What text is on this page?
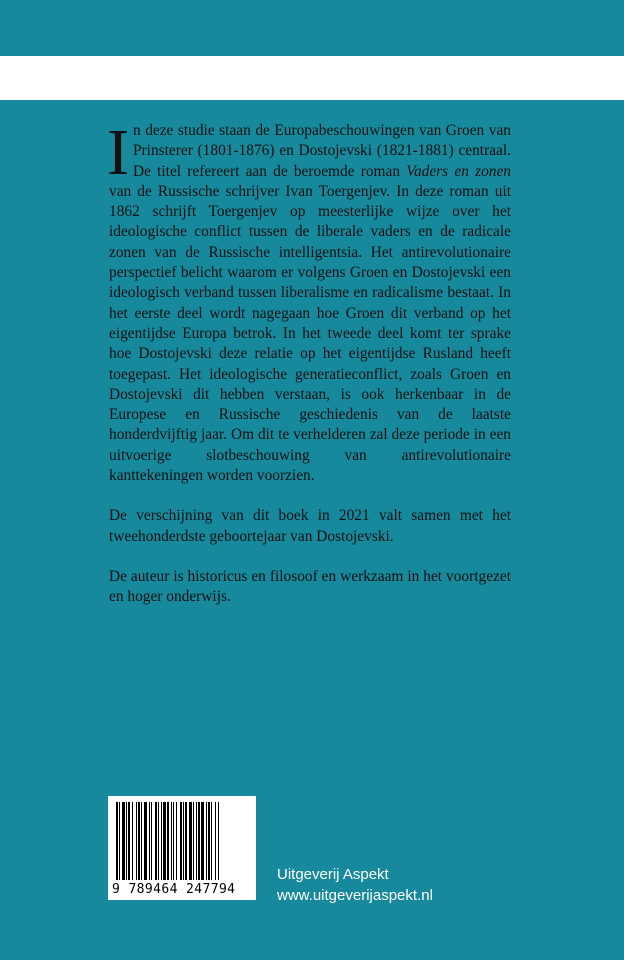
In deze studie staan de Europabeschouwingen van Groen van Prinsterer (1801-1876) en Dostojevski (1821-1881) centraal. De titel refereert aan de beroemde roman Vaders en zonen van de Russische schrijver Ivan Toergenjev. In deze roman uit 1862 schrijft Toergenjev op meesterlijke wijze over het ideologische conflict tussen de liberale vaders en de radicale zonen van de Russische intelligentsia. Het antirevolutionaire perspectief belicht waarom er volgens Groen en Dostojevski een ideologisch verband tussen liberalisme en radicalisme bestaat. In het eerste deel wordt nagegaan hoe Groen dit verband op het eigentijdse Europa betrok. In het tweede deel komt ter sprake hoe Dostojevski deze relatie op het eigentijdse Rusland heeft toegepast. Het ideologische generatieconflict, zoals Groen en Dostojevski dit hebben verstaan, is ook herkenbaar in de Europese en Russische geschiedenis van de laatste honderdvijftig jaar. Om dit te verhelderen zal deze periode in een uitvoerige slotbeschouwing van antirevolutionaire kanttekeningen worden voorzien.

De verschijning van dit boek in 2021 valt samen met het tweehonderdste geboortejaar van Dostojevski.

De auteur is historicus en filosoof en werkzaam in het voortgezet en hoger onderwijs.

9 789464 247794
Uitgeverij Aspekt
www.uitgeverijaspekt.nl
